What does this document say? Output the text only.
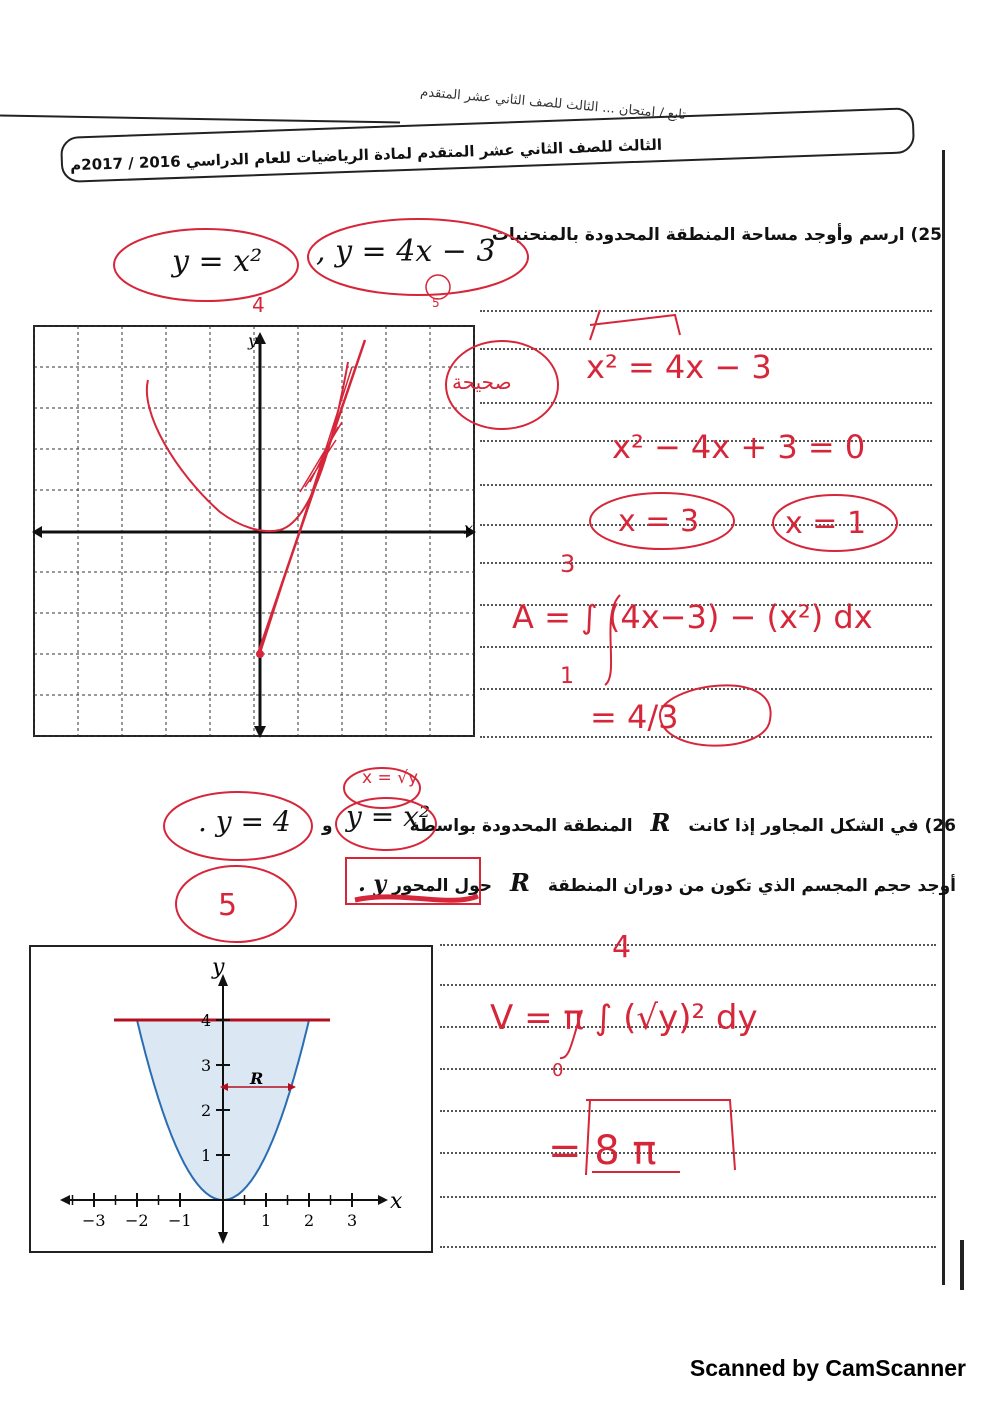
تابع / امتحان ... الثالث للصف الثاني عشر المتقدم
الثالث للصف الثاني عشر المتقدم لمادة الرياضيات للعام الدراسي 2016 / 2017م
25) ارسم وأوجد مساحة المنطقة المحدودة بالمنحنيات
y = x² , y = 4x − 3
x
y
4	5
صحيحة x² = 4x − 3
x² − 4x + 3 = 0
x = 3	x = 1
3
A = ∫ (4x−3) − (x²) dx
1
= 4/3
26) في الشكل المجاور إذا كانت R المنطقة المحدودة بواسطة
y = x²
و
. y = 4
أوجد حجم المجسم الذي تكون من دوران المنطقة R حول المحور y .
x = √y
5
x
y
−3 −2 −1	1 2 3
1
2
3
4
R
4
V = π ∫ (√y)² dy
0
= 8 π
Scanned by CamScanner
